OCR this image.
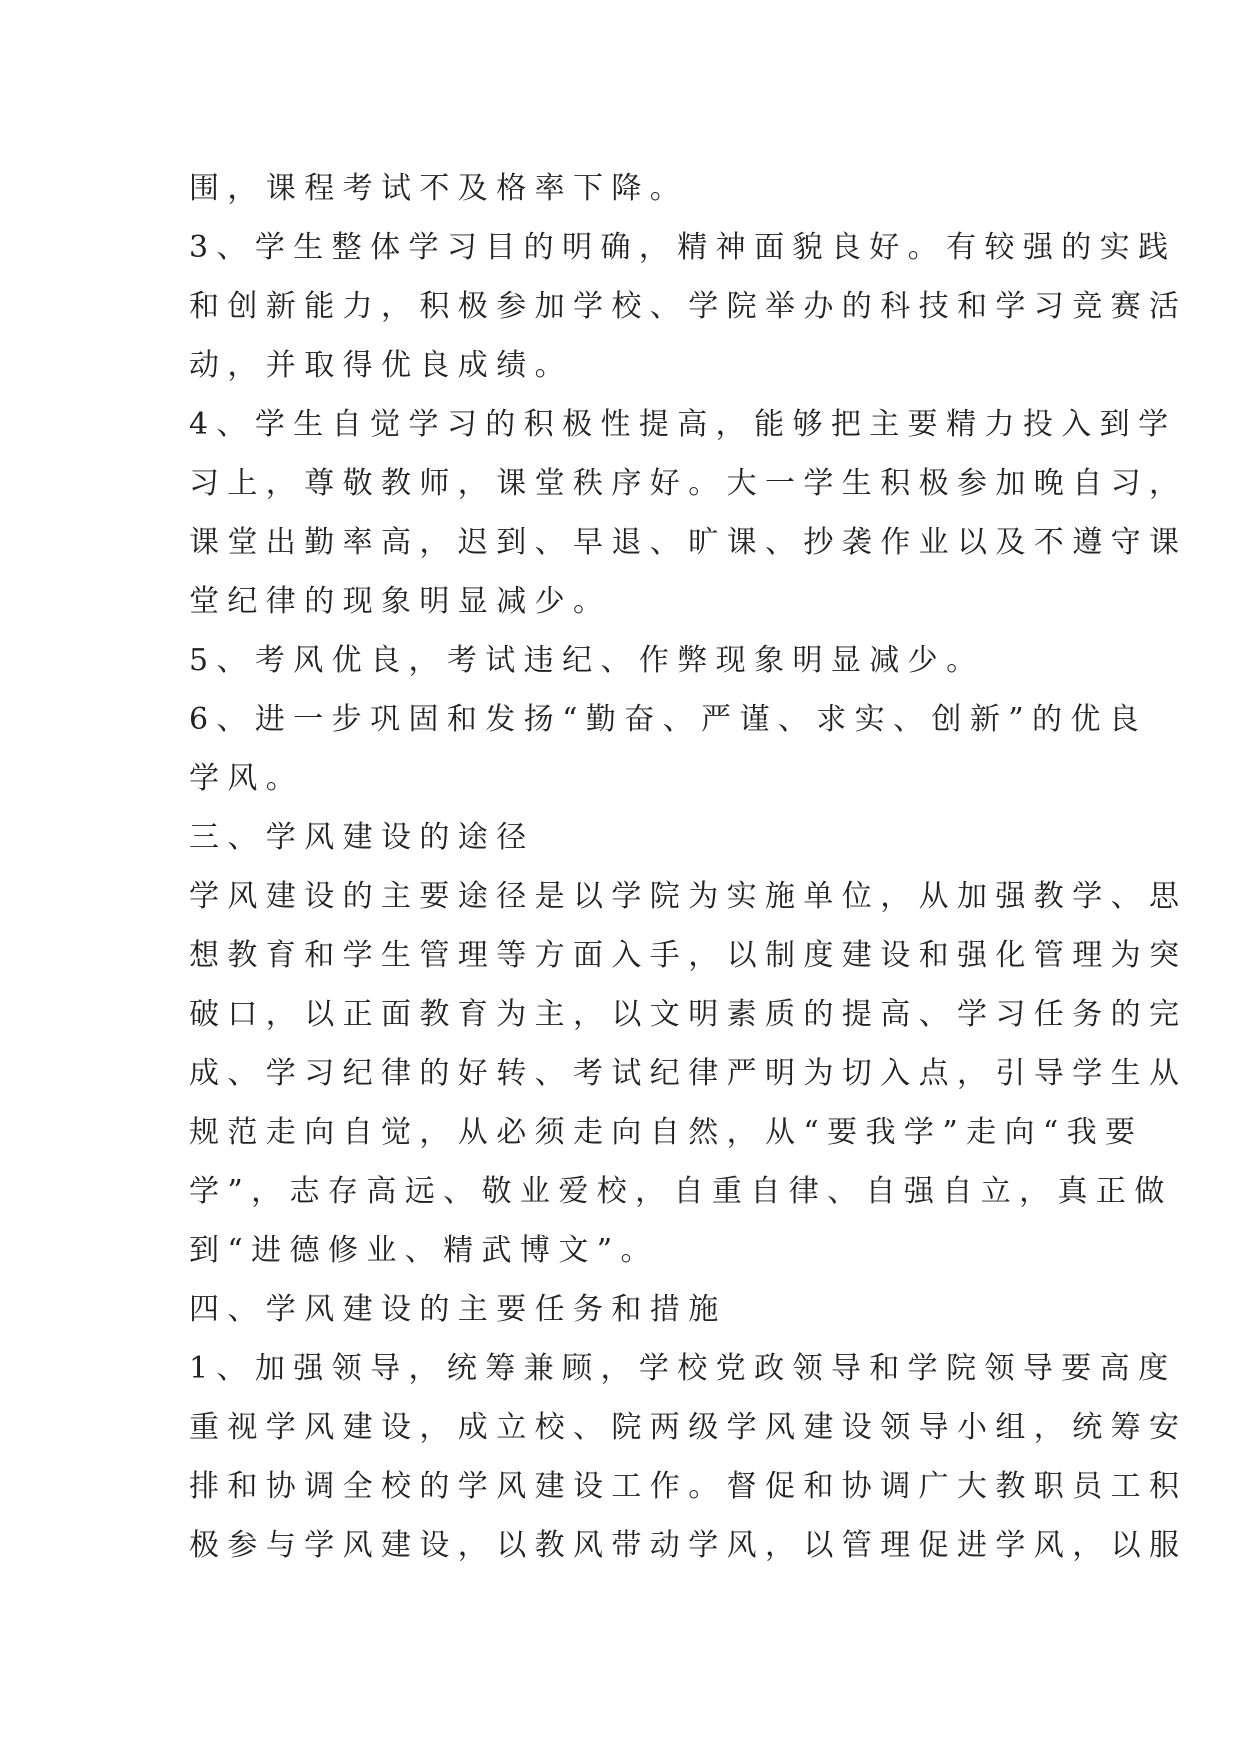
围，课程考试不及格率下降。
3、学生整体学习目的明确，精神面貌良好。有较强的实践
和创新能力，积极参加学校、学院举办的科技和学习竞赛活
动，并取得优良成绩。
4、学生自觉学习的积极性提高，能够把主要精力投入到学
习上，尊敬教师，课堂秩序好。大一学生积极参加晚自习，
课堂出勤率高，迟到、早退、旷课、抄袭作业以及不遵守课
堂纪律的现象明显减少。
5、考风优良，考试违纪、作弊现象明显减少。
6、进一步巩固和发扬“勤奋、严谨、求实、创新”的优良
学风。
三、学风建设的途径
学风建设的主要途径是以学院为实施单位，从加强教学、思
想教育和学生管理等方面入手，以制度建设和强化管理为突
破口，以正面教育为主，以文明素质的提高、学习任务的完
成、学习纪律的好转、考试纪律严明为切入点，引导学生从
规范走向自觉，从必须走向自然，从“要我学”走向“我要
学”，志存高远、敬业爱校，自重自律、自强自立，真正做
到“进德修业、精武博文”。
四、学风建设的主要任务和措施
1、加强领导，统筹兼顾，学校党政领导和学院领导要高度
重视学风建设，成立校、院两级学风建设领导小组，统筹安
排和协调全校的学风建设工作。督促和协调广大教职员工积
极参与学风建设，以教风带动学风，以管理促进学风，以服
